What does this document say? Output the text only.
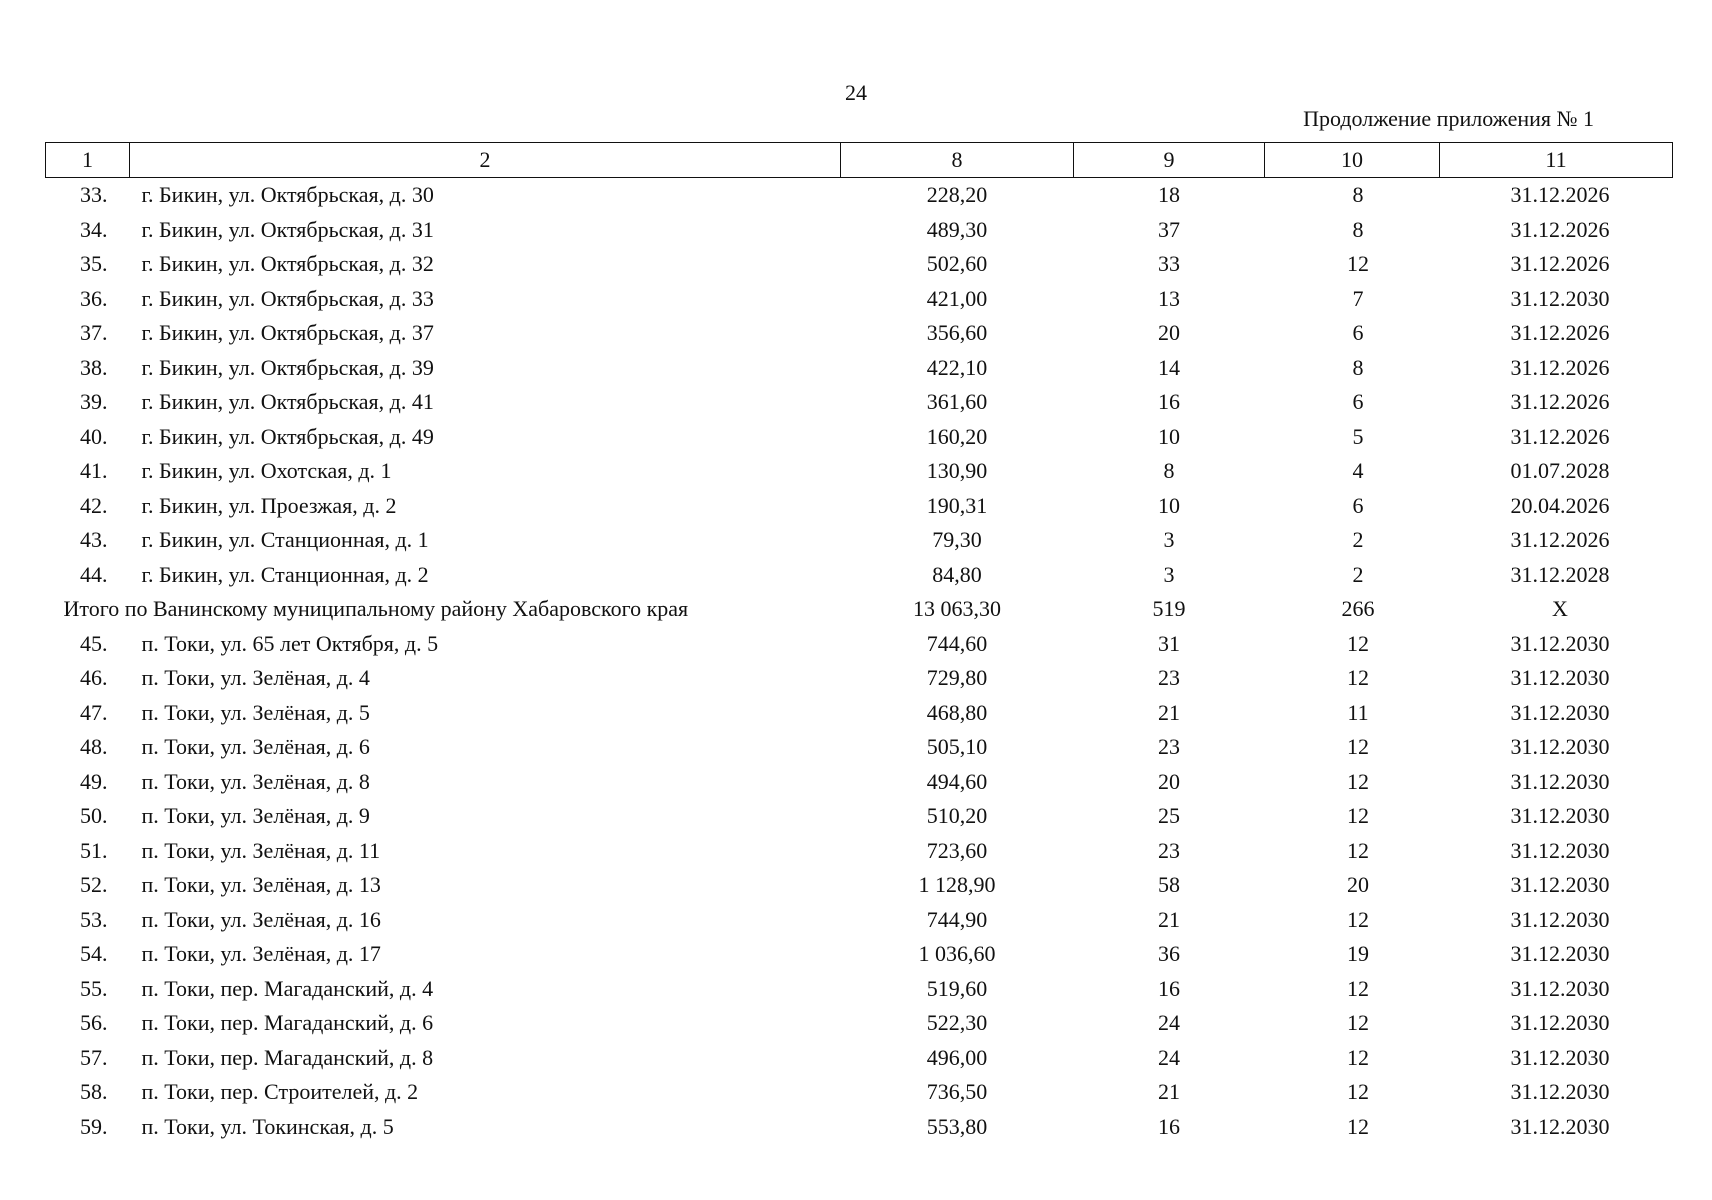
24
Продолжение приложения № 1
1	2	8	9	10	11
33.	г. Бикин, ул. Октябрьская, д. 30	228,20	18	8	31.12.2026
34.	г. Бикин, ул. Октябрьская, д. 31	489,30	37	8	31.12.2026
35.	г. Бикин, ул. Октябрьская, д. 32	502,60	33	12	31.12.2026
36.	г. Бикин, ул. Октябрьская, д. 33	421,00	13	7	31.12.2030
37.	г. Бикин, ул. Октябрьская, д. 37	356,60	20	6	31.12.2026
38.	г. Бикин, ул. Октябрьская, д. 39	422,10	14	8	31.12.2026
39.	г. Бикин, ул. Октябрьская, д. 41	361,60	16	6	31.12.2026
40.	г. Бикин, ул. Октябрьская, д. 49	160,20	10	5	31.12.2026
41.	г. Бикин, ул. Охотская, д. 1	130,90	8	4	01.07.2028
42.	г. Бикин, ул. Проезжая, д. 2	190,31	10	6	20.04.2026
43.	г. Бикин, ул. Станционная, д. 1	79,30	3	2	31.12.2026
44.	г. Бикин, ул. Станционная, д. 2	84,80	3	2	31.12.2028
Итого по Ванинскому муниципальному району Хабаровского края		13 063,30	519	266	Х
45.	п. Токи, ул. 65 лет Октября, д. 5	744,60	31	12	31.12.2030
46.	п. Токи, ул. Зелёная, д. 4	729,80	23	12	31.12.2030
47.	п. Токи, ул. Зелёная, д. 5	468,80	21	11	31.12.2030
48.	п. Токи, ул. Зелёная, д. 6	505,10	23	12	31.12.2030
49.	п. Токи, ул. Зелёная, д. 8	494,60	20	12	31.12.2030
50.	п. Токи, ул. Зелёная, д. 9	510,20	25	12	31.12.2030
51.	п. Токи, ул. Зелёная, д. 11	723,60	23	12	31.12.2030
52.	п. Токи, ул. Зелёная, д. 13	1 128,90	58	20	31.12.2030
53.	п. Токи, ул. Зелёная, д. 16	744,90	21	12	31.12.2030
54.	п. Токи, ул. Зелёная, д. 17	1 036,60	36	19	31.12.2030
55.	п. Токи, пер. Магаданский, д. 4	519,60	16	12	31.12.2030
56.	п. Токи, пер. Магаданский, д. 6	522,30	24	12	31.12.2030
57.	п. Токи, пер. Магаданский, д. 8	496,00	24	12	31.12.2030
58.	п. Токи, пер. Строителей, д. 2	736,50	21	12	31.12.2030
59.	п. Токи, ул. Токинская, д. 5	553,80	16	12	31.12.2030
